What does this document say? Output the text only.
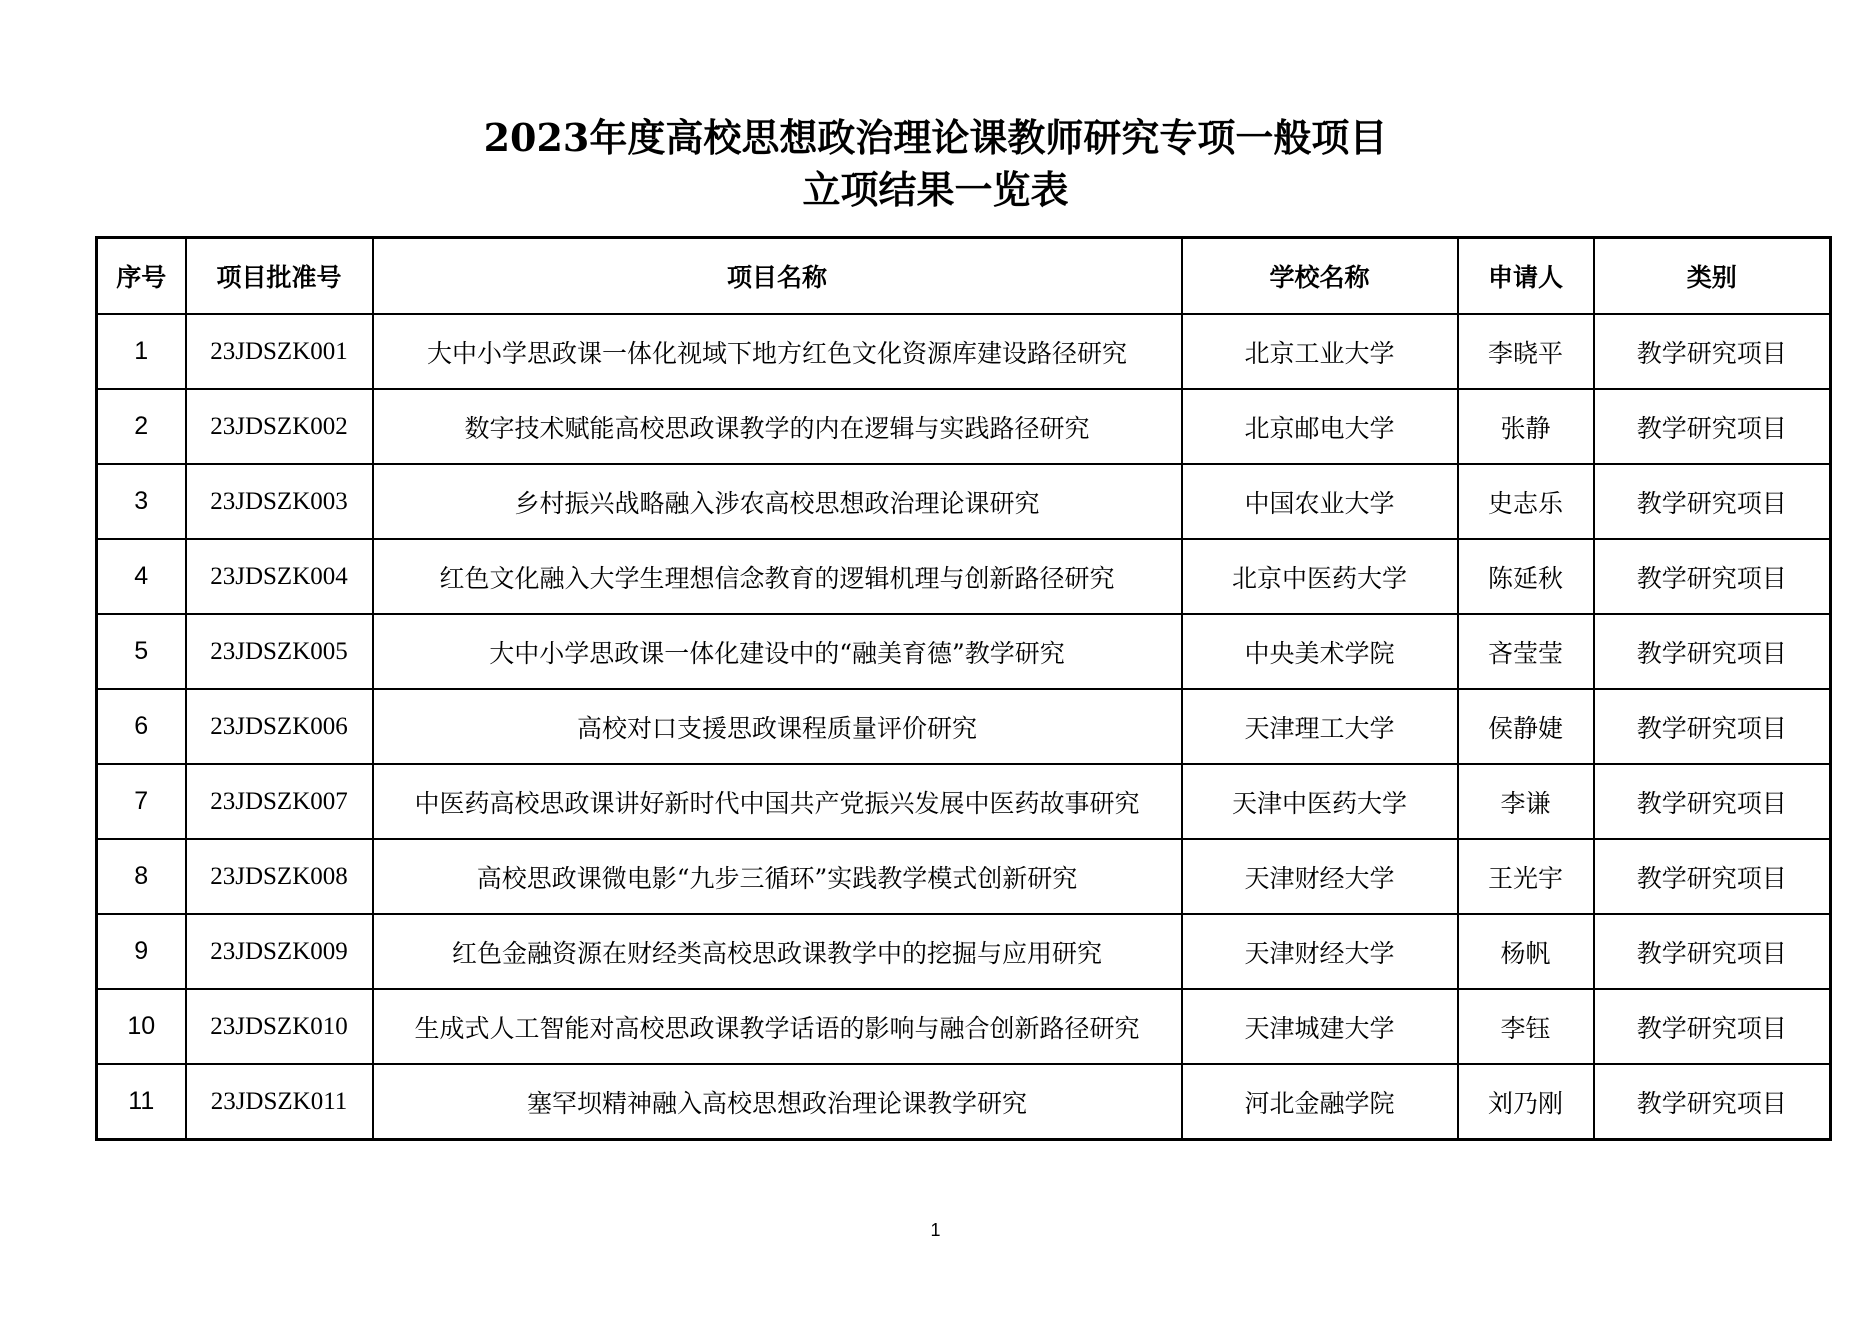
2023年度高校思想政治理论课教师研究专项一般项目
立项结果一览表
序号	项目批准号	项目名称	学校名称	申请人	类别
1	23JDSZK001	大中小学思政课一体化视域下地方红色文化资源库建设路径研究	北京工业大学	李晓平	教学研究项目
2	23JDSZK002	数字技术赋能高校思政课教学的内在逻辑与实践路径研究	北京邮电大学	张静	教学研究项目
3	23JDSZK003	乡村振兴战略融入涉农高校思想政治理论课研究	中国农业大学	史志乐	教学研究项目
4	23JDSZK004	红色文化融入大学生理想信念教育的逻辑机理与创新路径研究	北京中医药大学	陈延秋	教学研究项目
5	23JDSZK005	大中小学思政课一体化建设中的“融美育德”教学研究	中央美术学院	吝莹莹	教学研究项目
6	23JDSZK006	高校对口支援思政课程质量评价研究	天津理工大学	侯静婕	教学研究项目
7	23JDSZK007	中医药高校思政课讲好新时代中国共产党振兴发展中医药故事研究	天津中医药大学	李谦	教学研究项目
8	23JDSZK008	高校思政课微电影“九步三循环”实践教学模式创新研究	天津财经大学	王光宇	教学研究项目
9	23JDSZK009	红色金融资源在财经类高校思政课教学中的挖掘与应用研究	天津财经大学	杨帆	教学研究项目
10	23JDSZK010	生成式人工智能对高校思政课教学话语的影响与融合创新路径研究	天津城建大学	李钰	教学研究项目
11	23JDSZK011	塞罕坝精神融入高校思想政治理论课教学研究	河北金融学院	刘乃刚	教学研究项目
1
